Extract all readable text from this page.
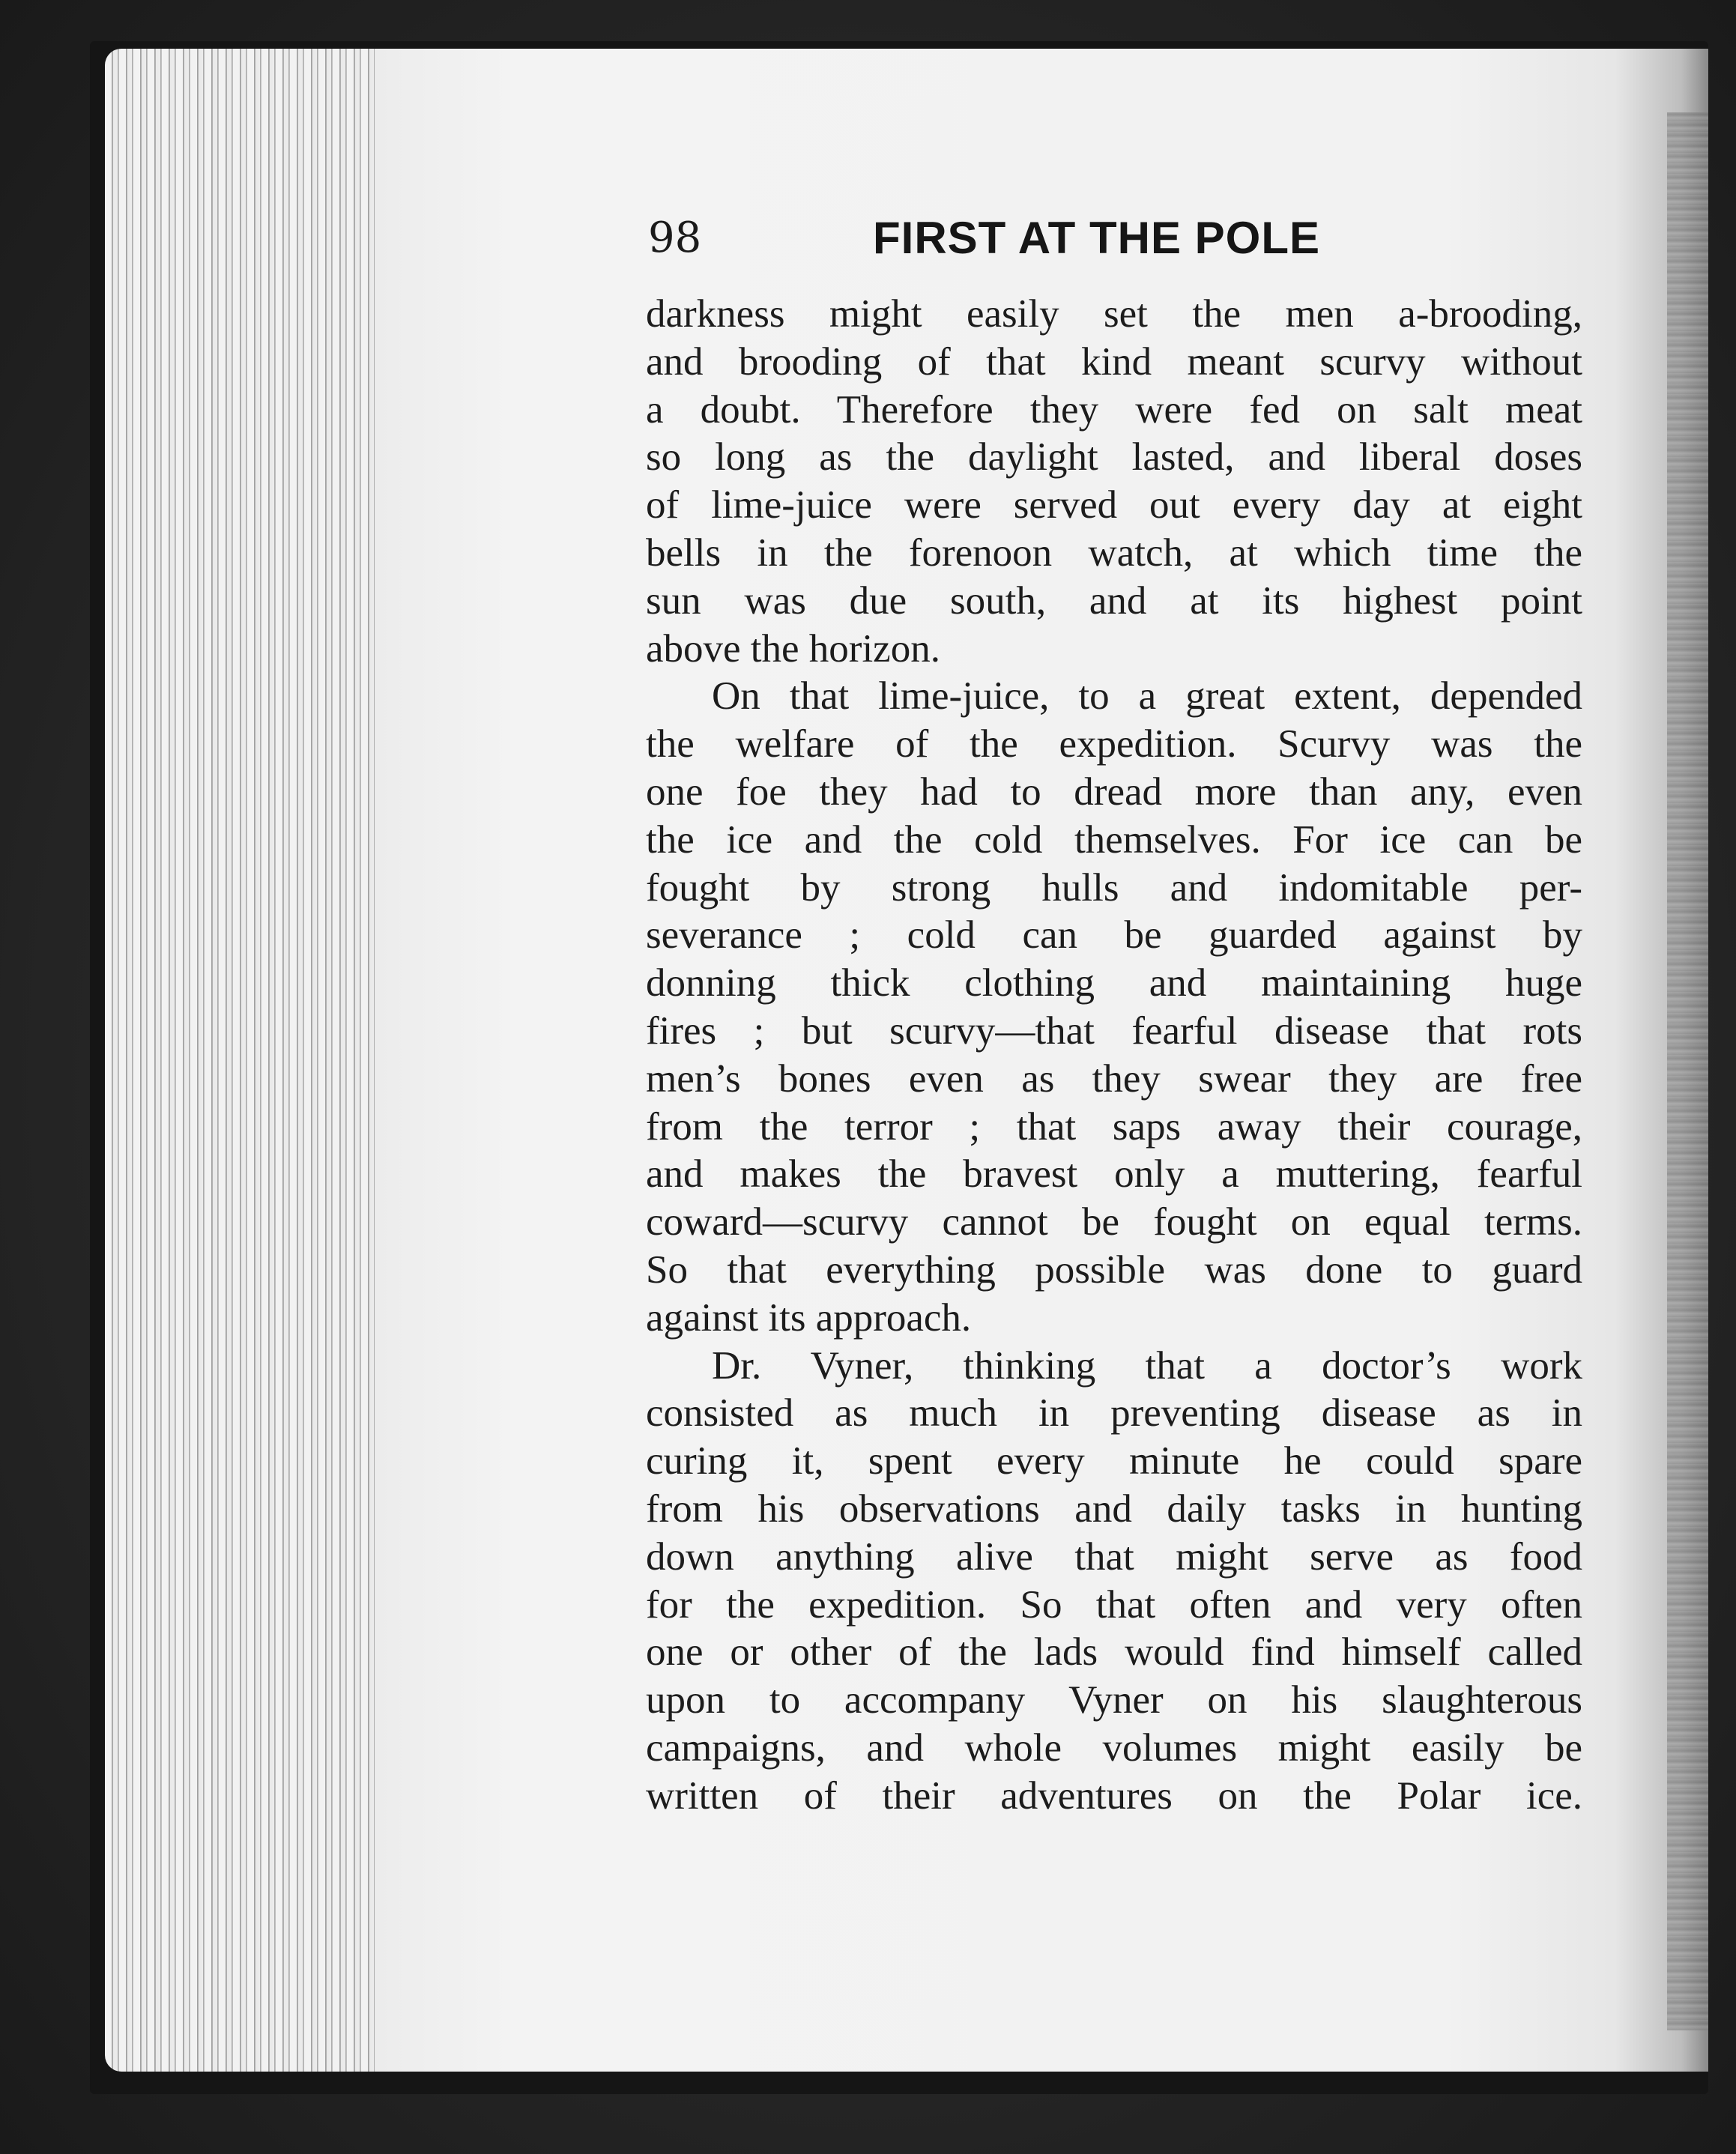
98	FIRST AT THE POLE
darkness might easily set the men a-brooding,
and brooding of that kind meant scurvy without
a doubt. Therefore they were fed on salt meat
so long as the daylight lasted, and liberal doses
of lime-juice were served out every day at eight
bells in the forenoon watch, at which time the
sun was due south, and at its highest point
above the horizon.
On that lime-juice, to a great extent, depended
the welfare of the expedition. Scurvy was the
one foe they had to dread more than any, even
the ice and the cold themselves. For ice can be
fought by strong hulls and indomitable per-
severance ; cold can be guarded against by
donning thick clothing and maintaining huge
fires ; but scurvy—that fearful disease that rots
men’s bones even as they swear they are free
from the terror ; that saps away their courage,
and makes the bravest only a muttering, fearful
coward—scurvy cannot be fought on equal terms.
So that everything possible was done to guard
against its approach.
Dr. Vyner, thinking that a doctor’s work
consisted as much in preventing disease as in
curing it, spent every minute he could spare
from his observations and daily tasks in hunting
down anything alive that might serve as food
for the expedition. So that often and very often
one or other of the lads would find himself called
upon to accompany Vyner on his slaughterous
campaigns, and whole volumes might easily be
written of their adventures on the Polar ice.
